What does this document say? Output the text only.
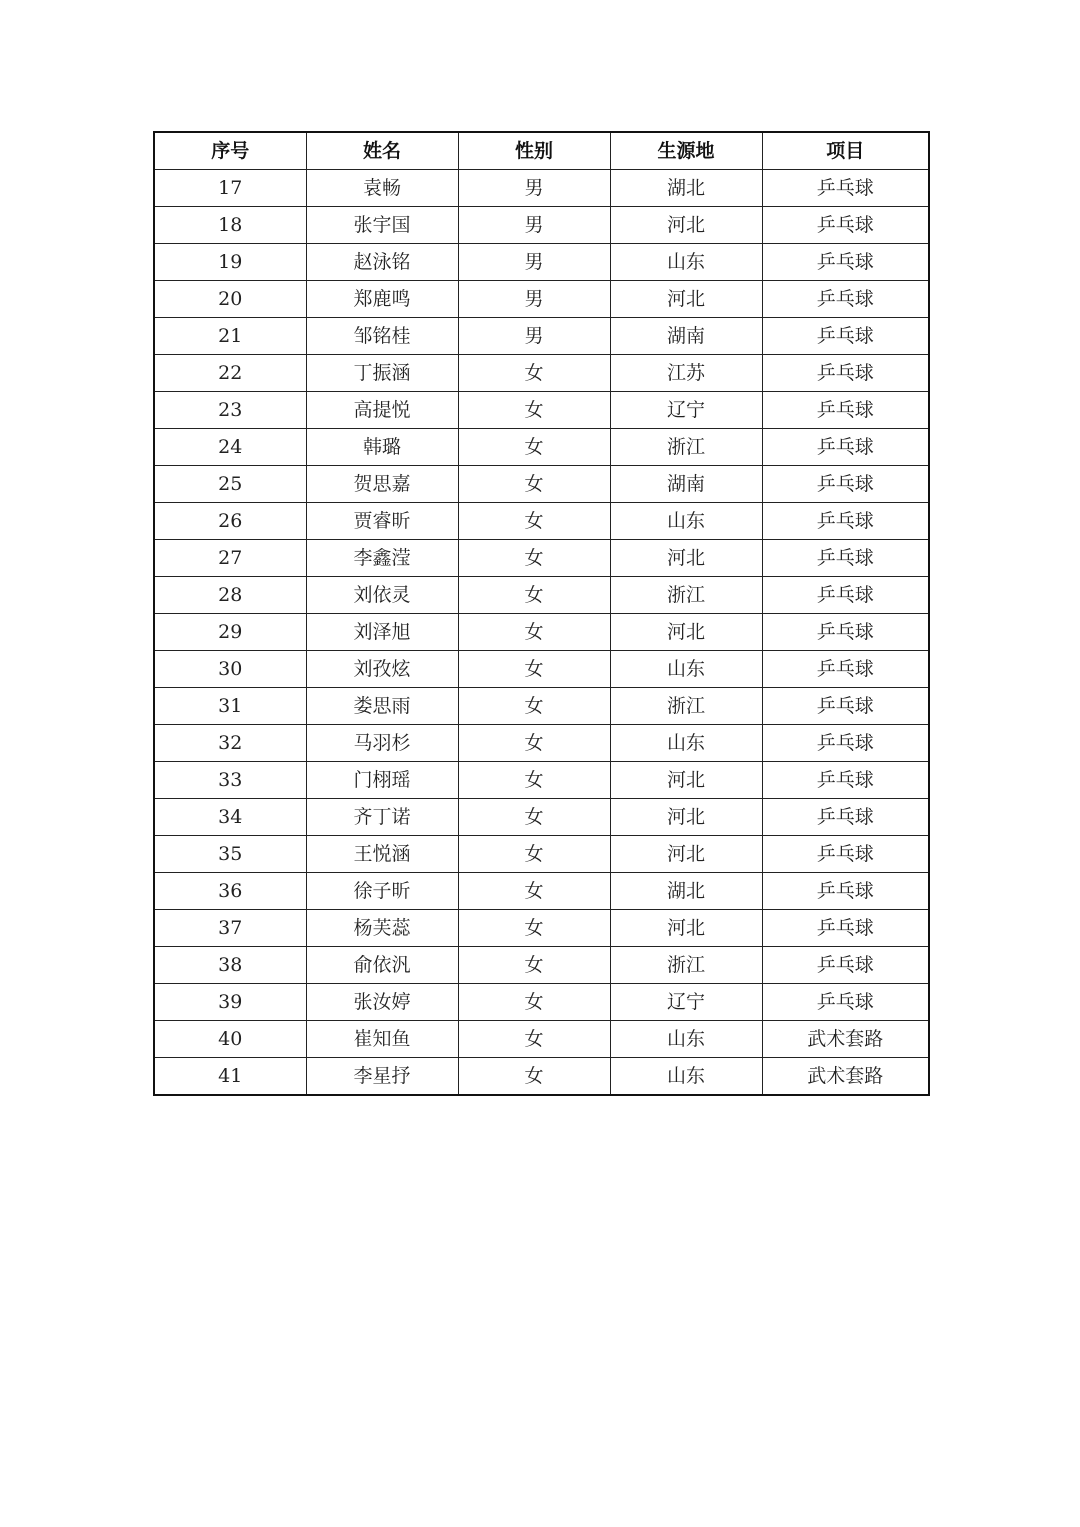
序号	姓名	性别	生源地	项目
17	袁畅	男	湖北	乒乓球
18	张宇国	男	河北	乒乓球
19	赵泳铭	男	山东	乒乓球
20	郑鹿鸣	男	河北	乒乓球
21	邹铭桂	男	湖南	乒乓球
22	丁振涵	女	江苏	乒乓球
23	高提悦	女	辽宁	乒乓球
24	韩璐	女	浙江	乒乓球
25	贺思嘉	女	湖南	乒乓球
26	贾睿昕	女	山东	乒乓球
27	李鑫滢	女	河北	乒乓球
28	刘依灵	女	浙江	乒乓球
29	刘泽旭	女	河北	乒乓球
30	刘孜炫	女	山东	乒乓球
31	娄思雨	女	浙江	乒乓球
32	马羽杉	女	山东	乒乓球
33	门栩瑶	女	河北	乒乓球
34	齐丁诺	女	河北	乒乓球
35	王悦涵	女	河北	乒乓球
36	徐子昕	女	湖北	乒乓球
37	杨芙蕊	女	河北	乒乓球
38	俞依汎	女	浙江	乒乓球
39	张汝婷	女	辽宁	乒乓球
40	崔知鱼	女	山东	武术套路
41	李星抒	女	山东	武术套路
